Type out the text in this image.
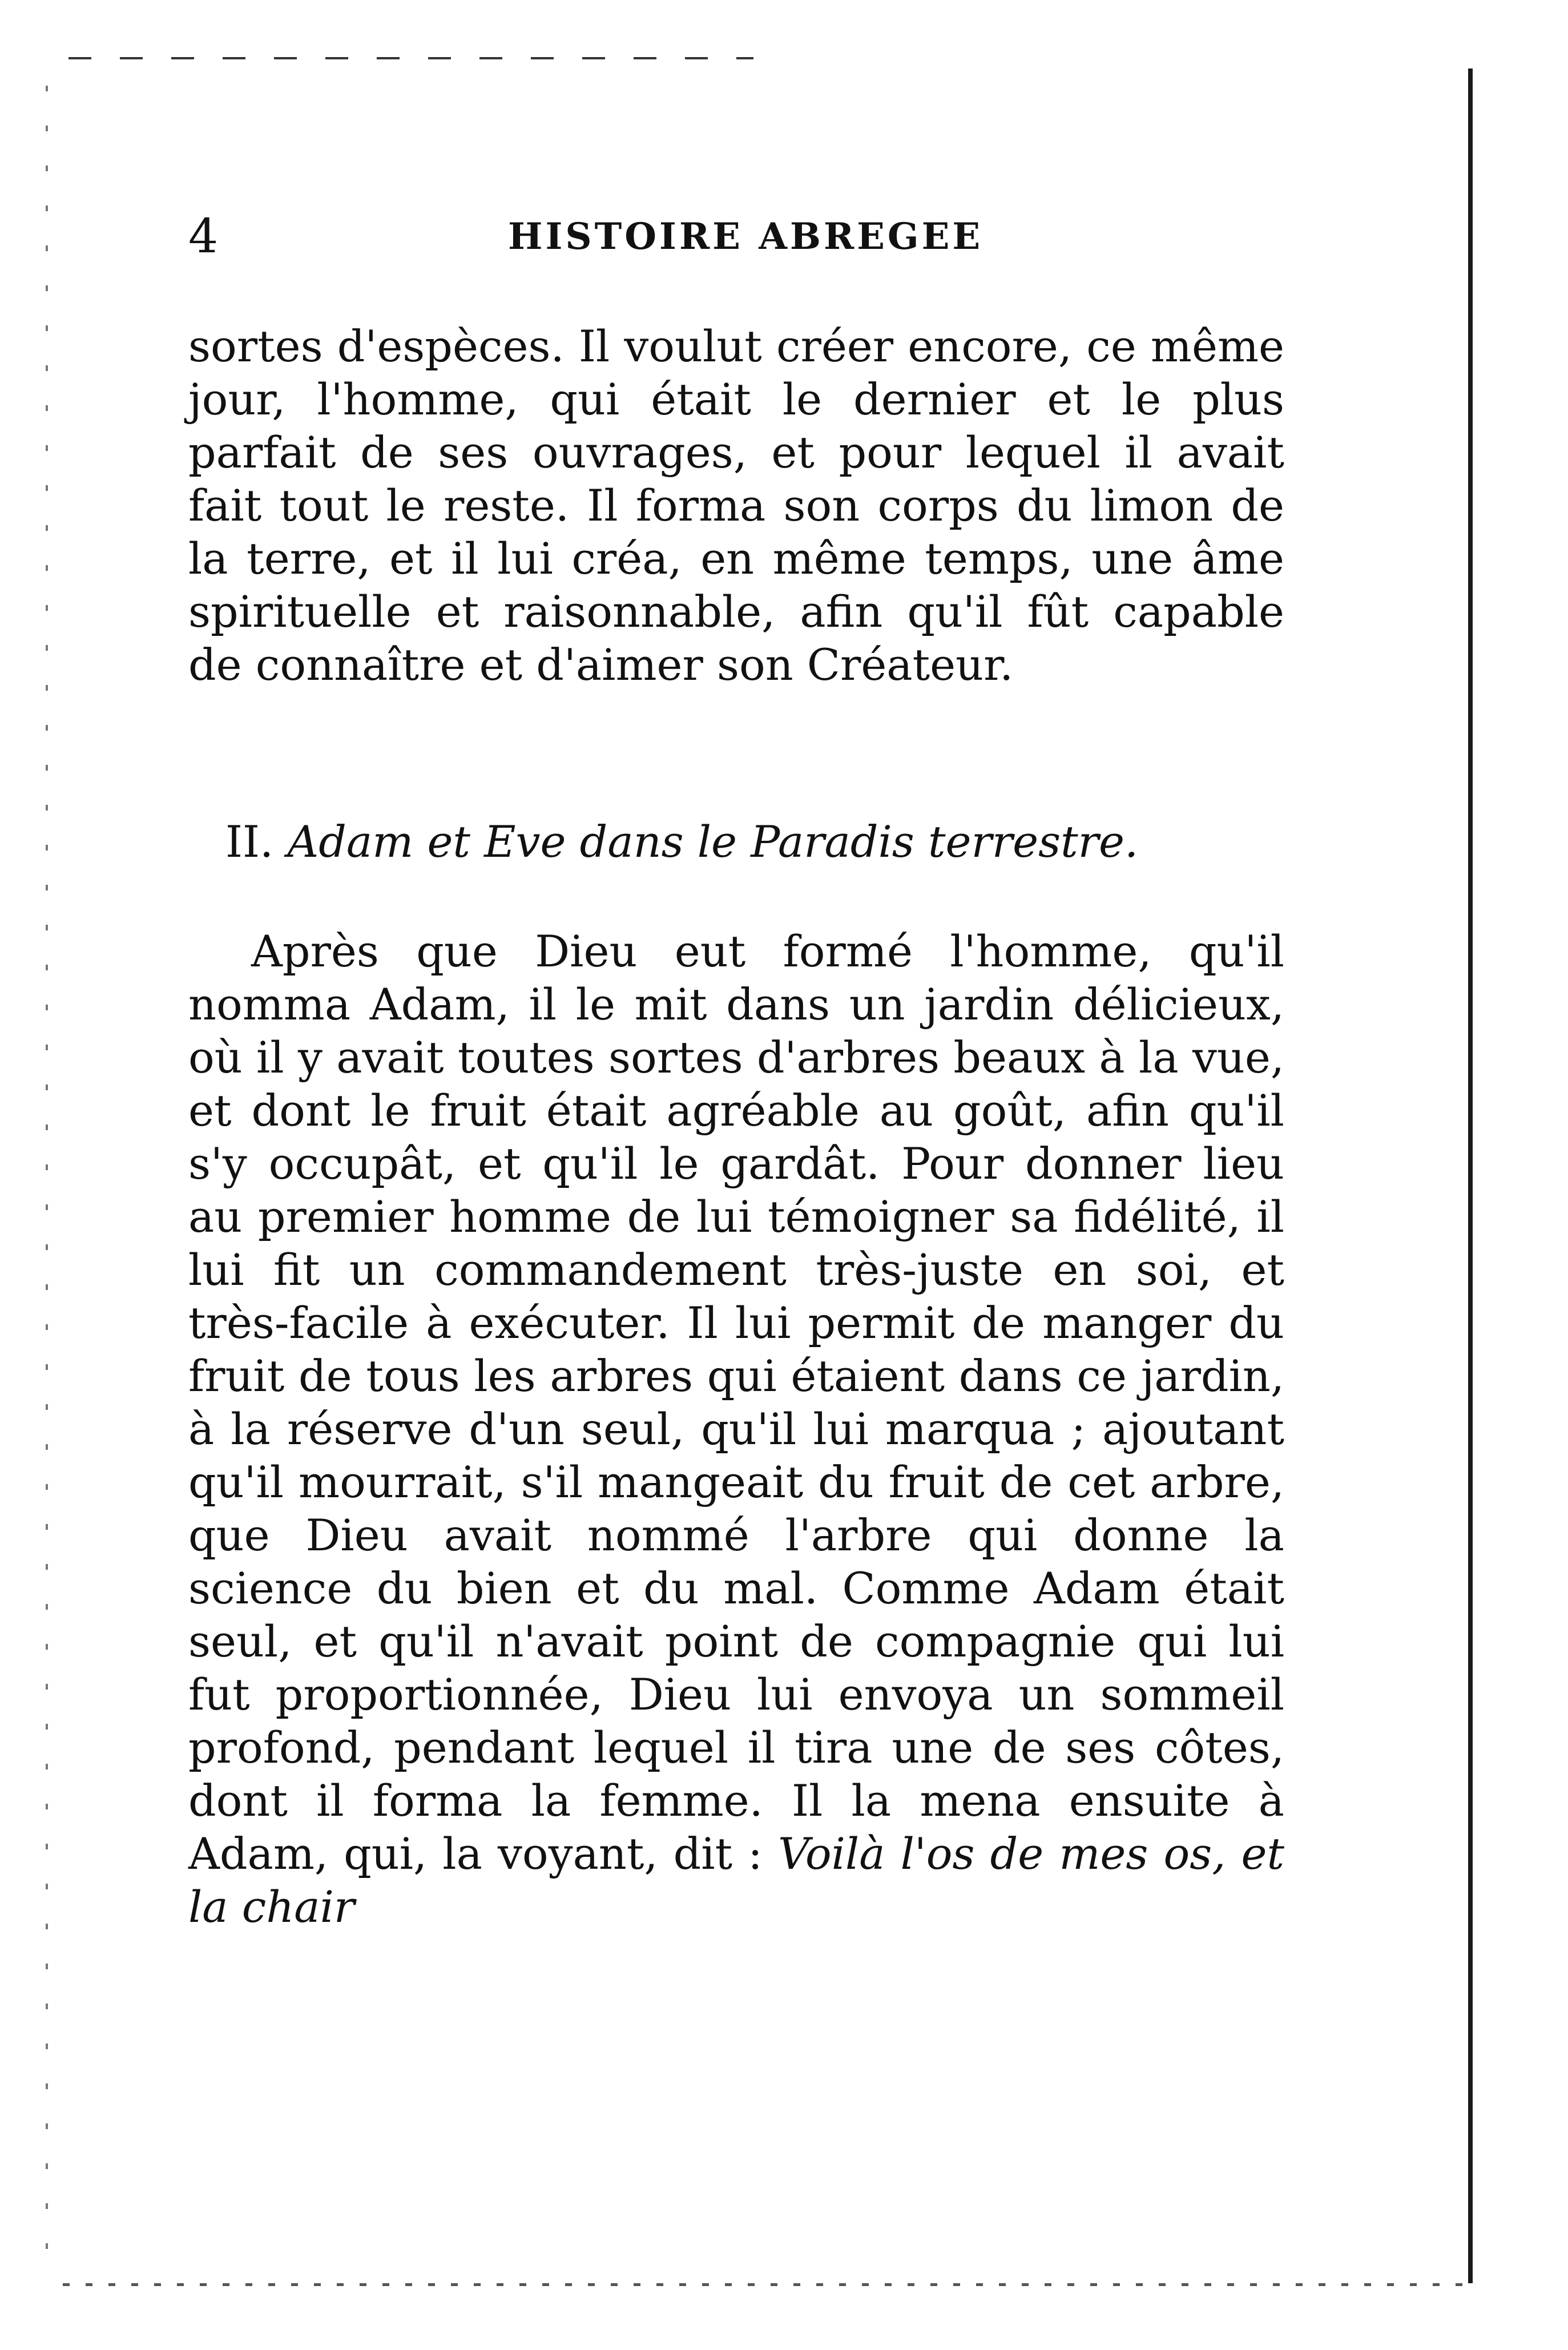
4	HISTOIRE ABREGEE

sortes d'espèces. Il voulut créer encore, ce même jour, l'homme, qui était le dernier et le plus parfait de ses ouvrages, et pour lequel il avait fait tout le reste. Il forma son corps du limon de la terre, et il lui créa, en même temps, une âme spirituelle et raisonnable, afin qu'il fût capable de connaître et d'aimer son Créateur.

II. Adam et Eve dans le Paradis terrestre.

Après que Dieu eut formé l'homme, qu'il nomma Adam, il le mit dans un jardin délicieux, où il y avait toutes sortes d'arbres beaux à la vue, et dont le fruit était agréable au goût, afin qu'il s'y occupât, et qu'il le gardât. Pour donner lieu au premier homme de lui témoigner sa fidélité, il lui fit un commandement très-juste en soi, et très-facile à exécuter. Il lui permit de manger du fruit de tous les arbres qui étaient dans ce jardin, à la réserve d'un seul, qu'il lui marqua ; ajoutant qu'il mourrait, s'il mangeait du fruit de cet arbre, que Dieu avait nommé l'arbre qui donne la science du bien et du mal. Comme Adam était seul, et qu'il n'avait point de compagnie qui lui fut proportionnée, Dieu lui envoya un sommeil profond, pendant lequel il tira une de ses côtes, dont il forma la femme. Il la mena ensuite à Adam, qui, la voyant, dit : Voilà l'os de mes os, et la chair
